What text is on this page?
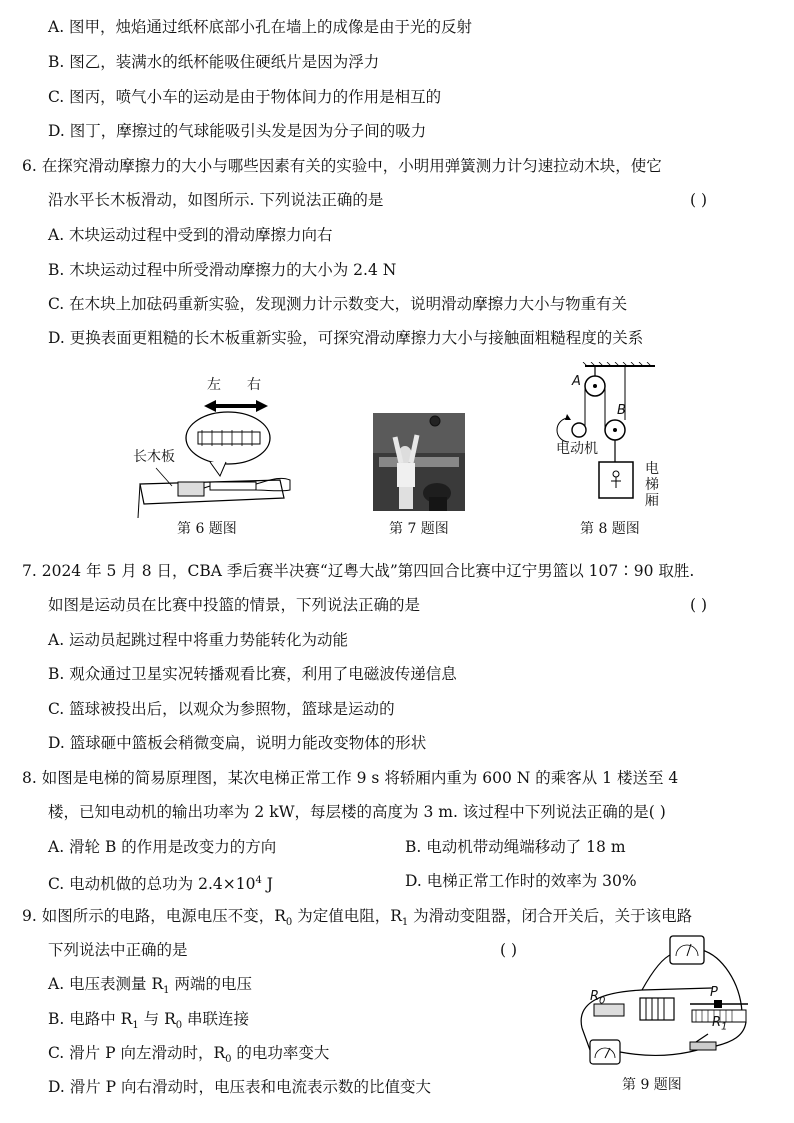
A. 图甲，烛焰通过纸杯底部小孔在墙上的成像是由于光的反射
B. 图乙，装满水的纸杯能吸住硬纸片是因为浮力
C. 图丙，喷气小车的运动是由于物体间力的作用是相互的
D. 图丁，摩擦过的气球能吸引头发是因为分子间的吸力
6. 在探究滑动摩擦力的大小与哪些因素有关的实验中，小明用弹簧测力计匀速拉动木块，使它
沿水平长木板滑动，如图所示. 下列说法正确的是	( )
A. 木块运动过程中受到的滑动摩擦力向右
B. 木块运动过程中所受滑动摩擦力的大小为 2.4 N
C. 在木块上加砝码重新实验，发现测力计示数变大，说明滑动摩擦力大小与物重有关
D. 更换表面更粗糙的长木板重新实验，可探究滑动摩擦力大小与接触面粗糙程度的关系
左 右
长木板
第 6 题图	第 7 题图
A
B
电动机
电
梯
厢
第 8 题图
7. 2024 年 5 月 8 日，CBA 季后赛半决赛“辽粤大战”第四回合比赛中辽宁男篮以 107∶90 取胜.
如图是运动员在比赛中投篮的情景，下列说法正确的是	( )
A. 运动员起跳过程中将重力势能转化为动能
B. 观众通过卫星实况转播观看比赛，利用了电磁波传递信息
C. 篮球被投出后，以观众为参照物，篮球是运动的
D. 篮球砸中篮板会稍微变扁，说明力能改变物体的形状
8. 如图是电梯的简易原理图，某次电梯正常工作 9 s 将轿厢内重为 600 N 的乘客从 1 楼送至 4
楼，已知电动机的输出功率为 2 kW，每层楼的高度为 3 m. 该过程中下列说法正确的是( )
A. 滑轮 B 的作用是改变力的方向	B. 电动机带动绳端移动了 18 m
C. 电动机做的总功为 $2.4\times 10^4$ J	D. 电梯正常工作时的效率为 30%
9. 如图所示的电路，电源电压不变，$R_0$ 为定值电阻，$R_1$ 为滑动变阻器，闭合开关后，关于该电路
下列说法中正确的是	( )
A. 电压表测量 $R_1$ 两端的电压
B. 电路中 $R_1$ 与 $R_0$ 串联连接
C. 滑片 P 向左滑动时，$R_0$ 的电功率变大
D. 滑片 P 向右滑动时，电压表和电流表示数的比值变大
$R_0$
$R_1$
P
第 9 题图
